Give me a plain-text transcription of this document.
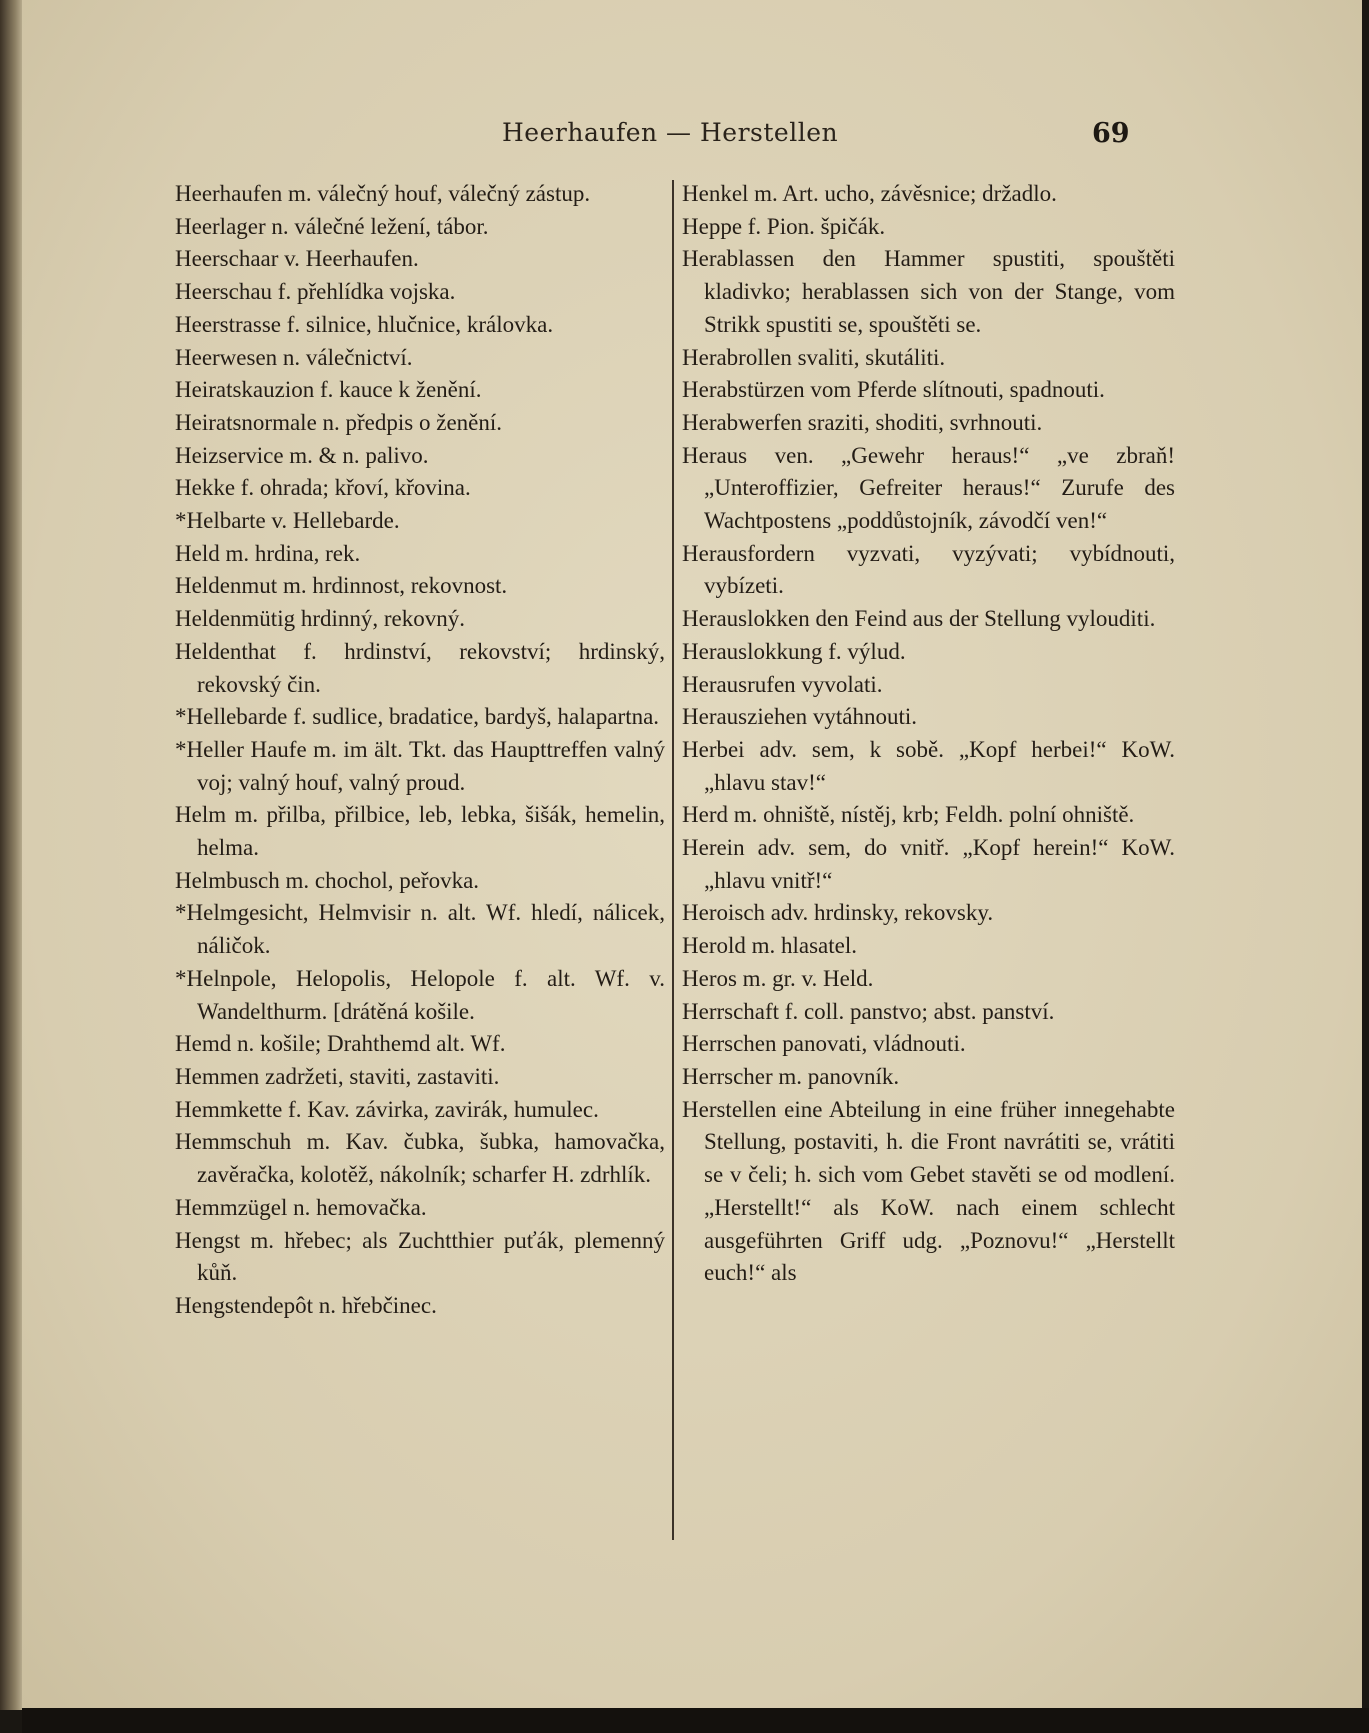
Heerhaufen — Herstellen	69
Heerhaufen m. válečný houf, válečný zástup.
Heerlager n. válečné ležení, tábor.
Heerschaar v. Heerhaufen.
Heerschau f. přehlídka vojska.
Heerstrasse f. silnice, hlučnice, královka.
Heerwesen n. válečnictví.
Heiratskauzion f. kauce k ženění.
Heiratsnormale n. předpis o ženění.
Heizservice m. & n. palivo.
Hekke f. ohrada; křoví, křovina.
*Helbarte v. Hellebarde.
Held m. hrdina, rek.
Heldenmut m. hrdinnost, rekovnost.
Heldenmütig hrdinný, rekovný.
Heldenthat f. hrdinství, rekovství; hrdinský, rekovský čin.
*Hellebarde f. sudlice, bradatice, bardyš, halapartna.
*Heller Haufe m. im ält. Tkt. das Haupttreffen valný voj; valný houf, valný proud.
Helm m. přilba, přilbice, leb, lebka, šišák, hemelin, helma.
Helmbusch m. chochol, peřovka.
*Helmgesicht, Helmvisir n. alt. Wf. hledí, nálicek, náličok.
*Helnpole, Helopolis, Helopole f. alt. Wf. v. Wandelthurm. [drátěná košile.
Hemd n. košile; Drahthemd alt. Wf.
Hemmen zadržeti, staviti, zastaviti.
Hemmkette f. Kav. závirka, zavirák, humulec.
Hemmschuh m. Kav. čubka, šubka, hamovačka, zavěračka, kolotěž, nákolník; scharfer H. zdrhlík.
Hemmzügel n. hemovačka.
Hengst m. hřebec; als Zuchtthier puťák, plemenný kůň.
Hengstendepôt n. hřebčinec.
Henkel m. Art. ucho, závěsnice; držadlo.
Heppe f. Pion. špičák.
Herablassen den Hammer spustiti, spouštěti kladivko; herablassen sich von der Stange, vom Strikk spustiti se, spouštěti se.
Herabrollen svaliti, skutáliti.
Herabstürzen vom Pferde slítnouti, spadnouti.
Herabwerfen sraziti, shoditi, svrhnouti.
Heraus ven. „Gewehr heraus!“ „ve zbraň! „Unteroffizier, Gefreiter heraus!“ Zurufe des Wachtpostens „poddůstojník, závodčí ven!“
Herausfordern vyzvati, vyzývati; vybídnouti, vybízeti.
Herauslokken den Feind aus der Stellung vylouditi.
Herauslokkung f. výlud.
Herausrufen vyvolati.
Herausziehen vytáhnouti.
Herbei adv. sem, k sobě. „Kopf herbei!“ KoW. „hlavu stav!“
Herd m. ohniště, nístěj, krb; Feldh. polní ohniště.
Herein adv. sem, do vnitř. „Kopf herein!“ KoW. „hlavu vnitř!“
Heroisch adv. hrdinsky, rekovsky.
Herold m. hlasatel.
Heros m. gr. v. Held.
Herrschaft f. coll. panstvo; abst. panství.
Herrschen panovati, vládnouti.
Herrscher m. panovník.
Herstellen eine Abteilung in eine früher innegehabte Stellung, postaviti, h. die Front navrátiti se, vrátiti se v čeli; h. sich vom Gebet stavěti se od modlení. „Herstellt!“ als KoW. nach einem schlecht ausgeführten Griff udg. „Poznovu!“ „Herstellt euch!“ als
